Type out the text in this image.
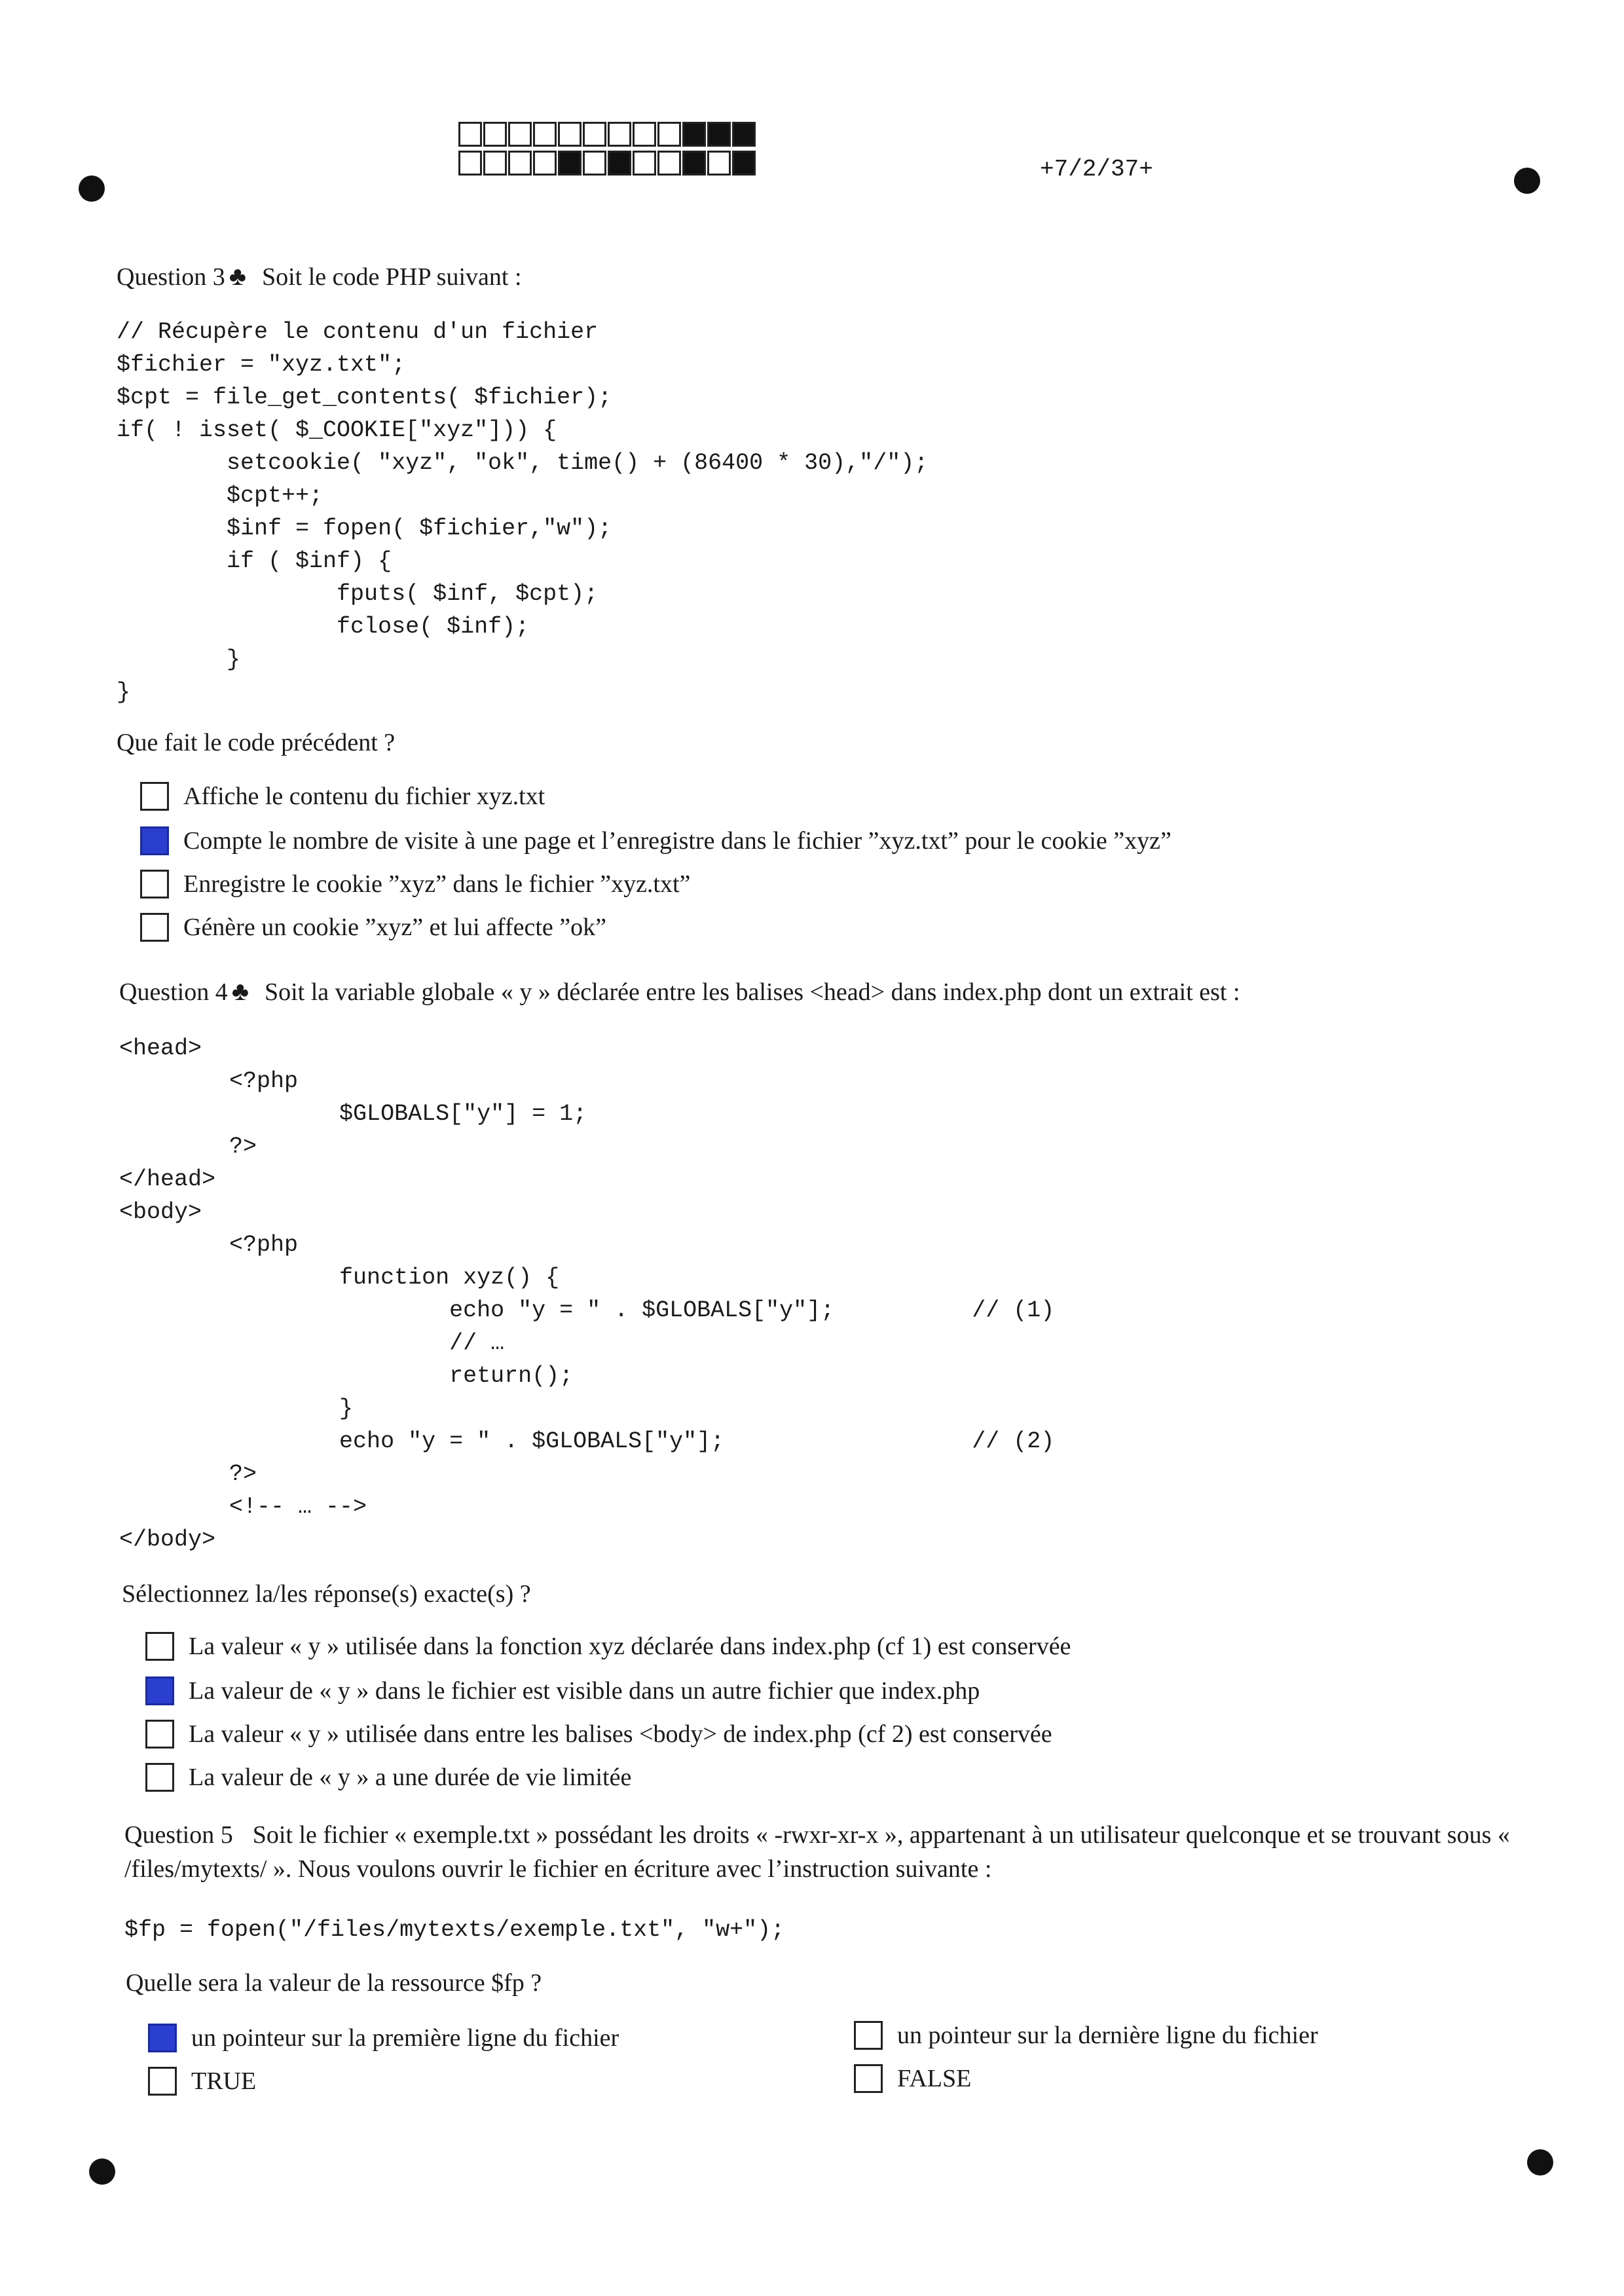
+7/2/37+
Question 3 ♣ Soit le code PHP suivant :
// Récupère le contenu d'un fichier
$fichier = "xyz.txt";
$cpt = file_get_contents( $fichier);
if( ! isset( $_COOKIE["xyz"])) {
setcookie( "xyz", "ok", time() + (86400 * 30),"/");
$cpt++;
$inf = fopen( $fichier,"w");
if ( $inf) {
fputs( $inf, $cpt);
fclose( $inf);
}
}
Que fait le code précédent ?
Affiche le contenu du fichier xyz.txt
Compte le nombre de visite à une page et l’enregistre dans le fichier ”xyz.txt” pour le cookie ”xyz”
Enregistre le cookie ”xyz” dans le fichier ”xyz.txt”
Génère un cookie ”xyz” et lui affecte ”ok”
Question 4 ♣ Soit la variable globale « y » déclarée entre les balises <head> dans index.php dont un extrait est :
<head>
<?php
$GLOBALS["y"] = 1;
?>
</head>
<body>
<?php
function xyz() {
echo "y = " . $GLOBALS["y"];          // (1)
// …
return();
}
echo "y = " . $GLOBALS["y"];                  // (2)
?>
<!-- … -->
</body>
Sélectionnez la/les réponse(s) exacte(s) ?
La valeur « y » utilisée dans la fonction xyz déclarée dans index.php (cf 1) est conservée
La valeur de « y » dans le fichier est visible dans un autre fichier que index.php
La valeur « y » utilisée dans entre les balises <body> de index.php (cf 2) est conservée
La valeur de « y » a une durée de vie limitée
Question 5 Soit le fichier « exemple.txt » possédant les droits « -rwxr-xr-x », appartenant à un utilisateur quelconque et se trouvant sous « /files/mytexts/ ». Nous voulons ouvrir le fichier en écriture avec l’instruction suivante :
$fp = fopen("/files/mytexts/exemple.txt", "w+");
Quelle sera la valeur de la ressource $fp ?
un pointeur sur la première ligne du fichier	un pointeur sur la dernière ligne du fichier
TRUE	FALSE
